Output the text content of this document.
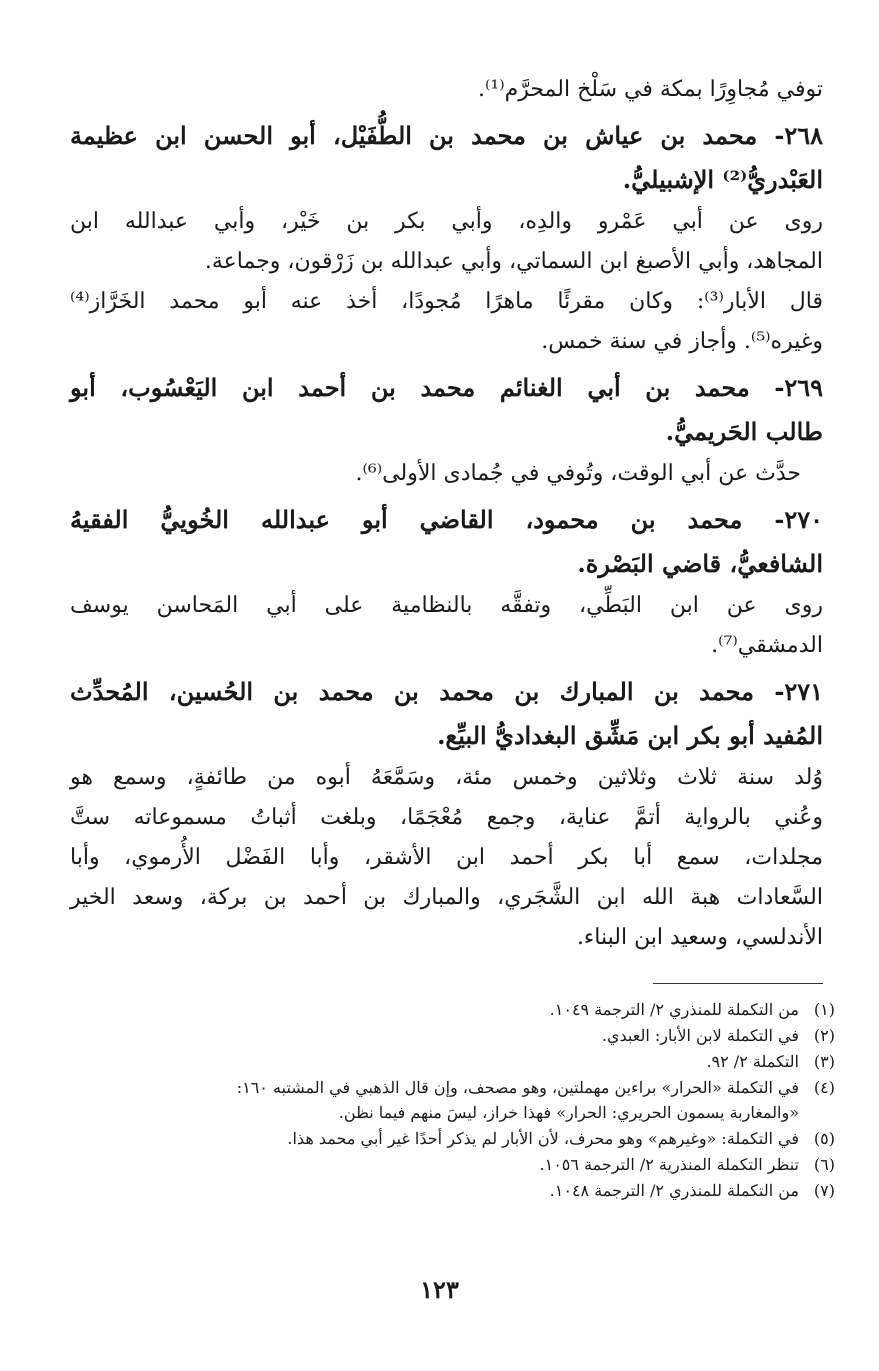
توفي مُجاوِرًا بمكة في سَلْخ المحرَّم⁽¹⁾.
٢٦٨- محمد بن عياش بن محمد بن الطُّفَيْل، أبو الحسن ابن عظيمة
العَبْدريُّ⁽²⁾ الإشبيليُّ.
روى عن أبي عَمْرو والدِه، وأبي بكر بن خَيْر، وأبي عبدالله ابن
المجاهد، وأبي الأصبغ ابن السماتي، وأبي عبدالله بن زَرْقون، وجماعة.
قال الأبار⁽³⁾: وكان مقرئًا ماهرًا مُجودًا، أخذ عنه أبو محمد الخَرَّاز⁽⁴⁾
وغيره⁽⁵⁾. وأجاز في سنة خمس.
٢٦٩- محمد بن أبي الغنائم محمد بن أحمد ابن اليَعْسُوب، أبو
طالب الحَريميُّ.
حدَّث عن أبي الوقت، وتُوفي في جُمادى الأولى⁽⁶⁾.
٢٧٠- محمد بن محمود، القاضي أبو عبدالله الخُوييُّ الفقيهُ
الشافعيُّ، قاضي البَصْرة.
روى عن ابن البَطِّي، وتفقَّه بالنظامية على أبي المَحاسن يوسف
الدمشقي⁽⁷⁾.
٢٧١- محمد بن المبارك بن محمد بن محمد بن الحُسين، المُحدِّث
المُفيد أبو بكر ابن مَشِّق البغداديُّ البيِّع.
وُلد سنة ثلاث وثلاثين وخمس مئة، وسَمَّعَهُ أبوه من طائفةٍ، وسمع هو
وعُني بالرواية أتمَّ عناية، وجمع مُعْجَمًا، وبلغت أثباتُ مسموعاته ستَّ
مجلدات، سمع أبا بكر أحمد ابن الأشقر، وأبا الفَضْل الأُرموي، وأبا
السَّعادات هبة الله ابن الشَّجَري، والمبارك بن أحمد بن بركة، وسعد الخير
الأندلسي، وسعيد ابن البناء.
(١)
من التكملة للمنذري ٢/ الترجمة ١٠٤٩.
(٢)
في التكملة لابن الأبار: العبدي.
(٣)
التكملة ٢/ ٩٢.
(٤)
في التكملة «الحرار» براءين مهملتين، وهو مصحف، وإن قال الذهبي في المشتبه ١٦٠:
«والمغاربة يسمون الحريري: الحرار» فهذا خراز، ليسَ منهم فيما نظن.
(٥)
في التكملة: «وغيرهم» وهو محرف، لأن الأبار لم يذكر أحدًا غير أبي محمد هذا.
(٦)
تنظر التكملة المنذرية ٢/ الترجمة ١٠٥٦.
(٧)
من التكملة للمنذري ٢/ الترجمة ١٠٤٨.
١٢٣
